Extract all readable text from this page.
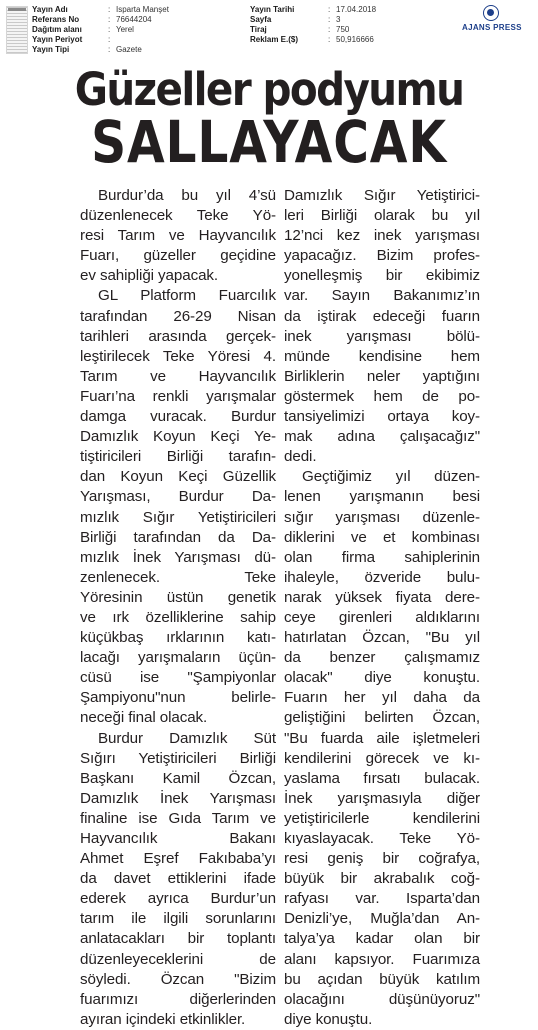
Yayın Adı	: Isparta Manşet
Referans No	: 76644204
Dağıtım alanı	: Yerel
Yayın Periyot	:
Yayın Tipi	: Gazete
Yayın Tarihi	: 17.04.2018
Sayfa	: 3
Tiraj	: 750
Reklam E.($)	: 50,916666
AJANS PRESS
Güzeller podyumu
SALLAYACAK
Burdur’da bu yıl 4’sü
düzenlenecek Teke Yö-
resi Tarım ve Hayvancılık
Fuarı, güzeller geçidine
ev sahipliği yapacak.
GL Platform Fuarcılık
tarafından 26-29 Nisan
tarihleri arasında gerçek-
leştirilecek Teke Yöresi 4.
Tarım ve Hayvancılık
Fuarı’na renkli yarışmalar
damga vuracak. Burdur
Damızlık Koyun Keçi Ye-
tiştiricileri Birliği tarafın-
dan Koyun Keçi Güzellik
Yarışması, Burdur Da-
mızlık Sığır Yetiştiricileri
Birliği tarafından da Da-
mızlık İnek Yarışması dü-
zenlenecek. Teke
Yöresinin üstün genetik
ve ırk özelliklerine sahip
küçükbaş ırklarının katı-
lacağı yarışmaların üçün-
cüsü ise "Şampiyonlar
Şampiyonu"nun belirle-
neceği final olacak.
Burdur Damızlık Süt
Sığırı Yetiştiricileri Birliği
Başkanı Kamil Özcan,
Damızlık İnek Yarışması
finaline ise Gıda Tarım ve
Hayvancılık Bakanı
Ahmet Eşref Fakıbaba’yı
da davet ettiklerini ifade
ederek ayrıca Burdur’un
tarım ile ilgili sorunlarını
anlatacakları bir toplantı
düzenleyeceklerini de
söyledi. Özcan "Bizim
fuarımızı diğerlerinden
ayıran içindeki etkinlikler.
Damızlık Sığır Yetiştirici-
leri Birliği olarak bu yıl
12’nci kez inek yarışması
yapacağız. Bizim profes-
yonelleşmiş bir ekibimiz
var. Sayın Bakanımız’ın
da iştirak edeceği fuarın
inek yarışması bölü-
münde kendisine hem
Birliklerin neler yaptığını
göstermek hem de po-
tansiyelimizi ortaya koy-
mak adına çalışacağız"
dedi.
Geçtiğimiz yıl düzen-
lenen yarışmanın besi
sığır yarışması düzenle-
diklerini ve et kombinası
olan firma sahiplerinin
ihaleyle, özveride bulu-
narak yüksek fiyata dere-
ceye girenleri aldıklarını
hatırlatan Özcan, "Bu yıl
da benzer çalışmamız
olacak" diye konuştu.
Fuarın her yıl daha da
geliştiğini belirten Özcan,
"Bu fuarda aile işletmeleri
kendilerini görecek ve kı-
yaslama fırsatı bulacak.
İnek yarışmasıyla diğer
yetiştiricilerle kendilerini
kıyaslayacak. Teke Yö-
resi geniş bir coğrafya,
büyük bir akrabalık coğ-
rafyası var. Isparta’dan
Denizli’ye, Muğla’dan An-
talya’ya kadar olan bir
alanı kapsıyor. Fuarımıza
bu açıdan büyük katılım
olacağını düşünüyoruz"
diye konuştu.
